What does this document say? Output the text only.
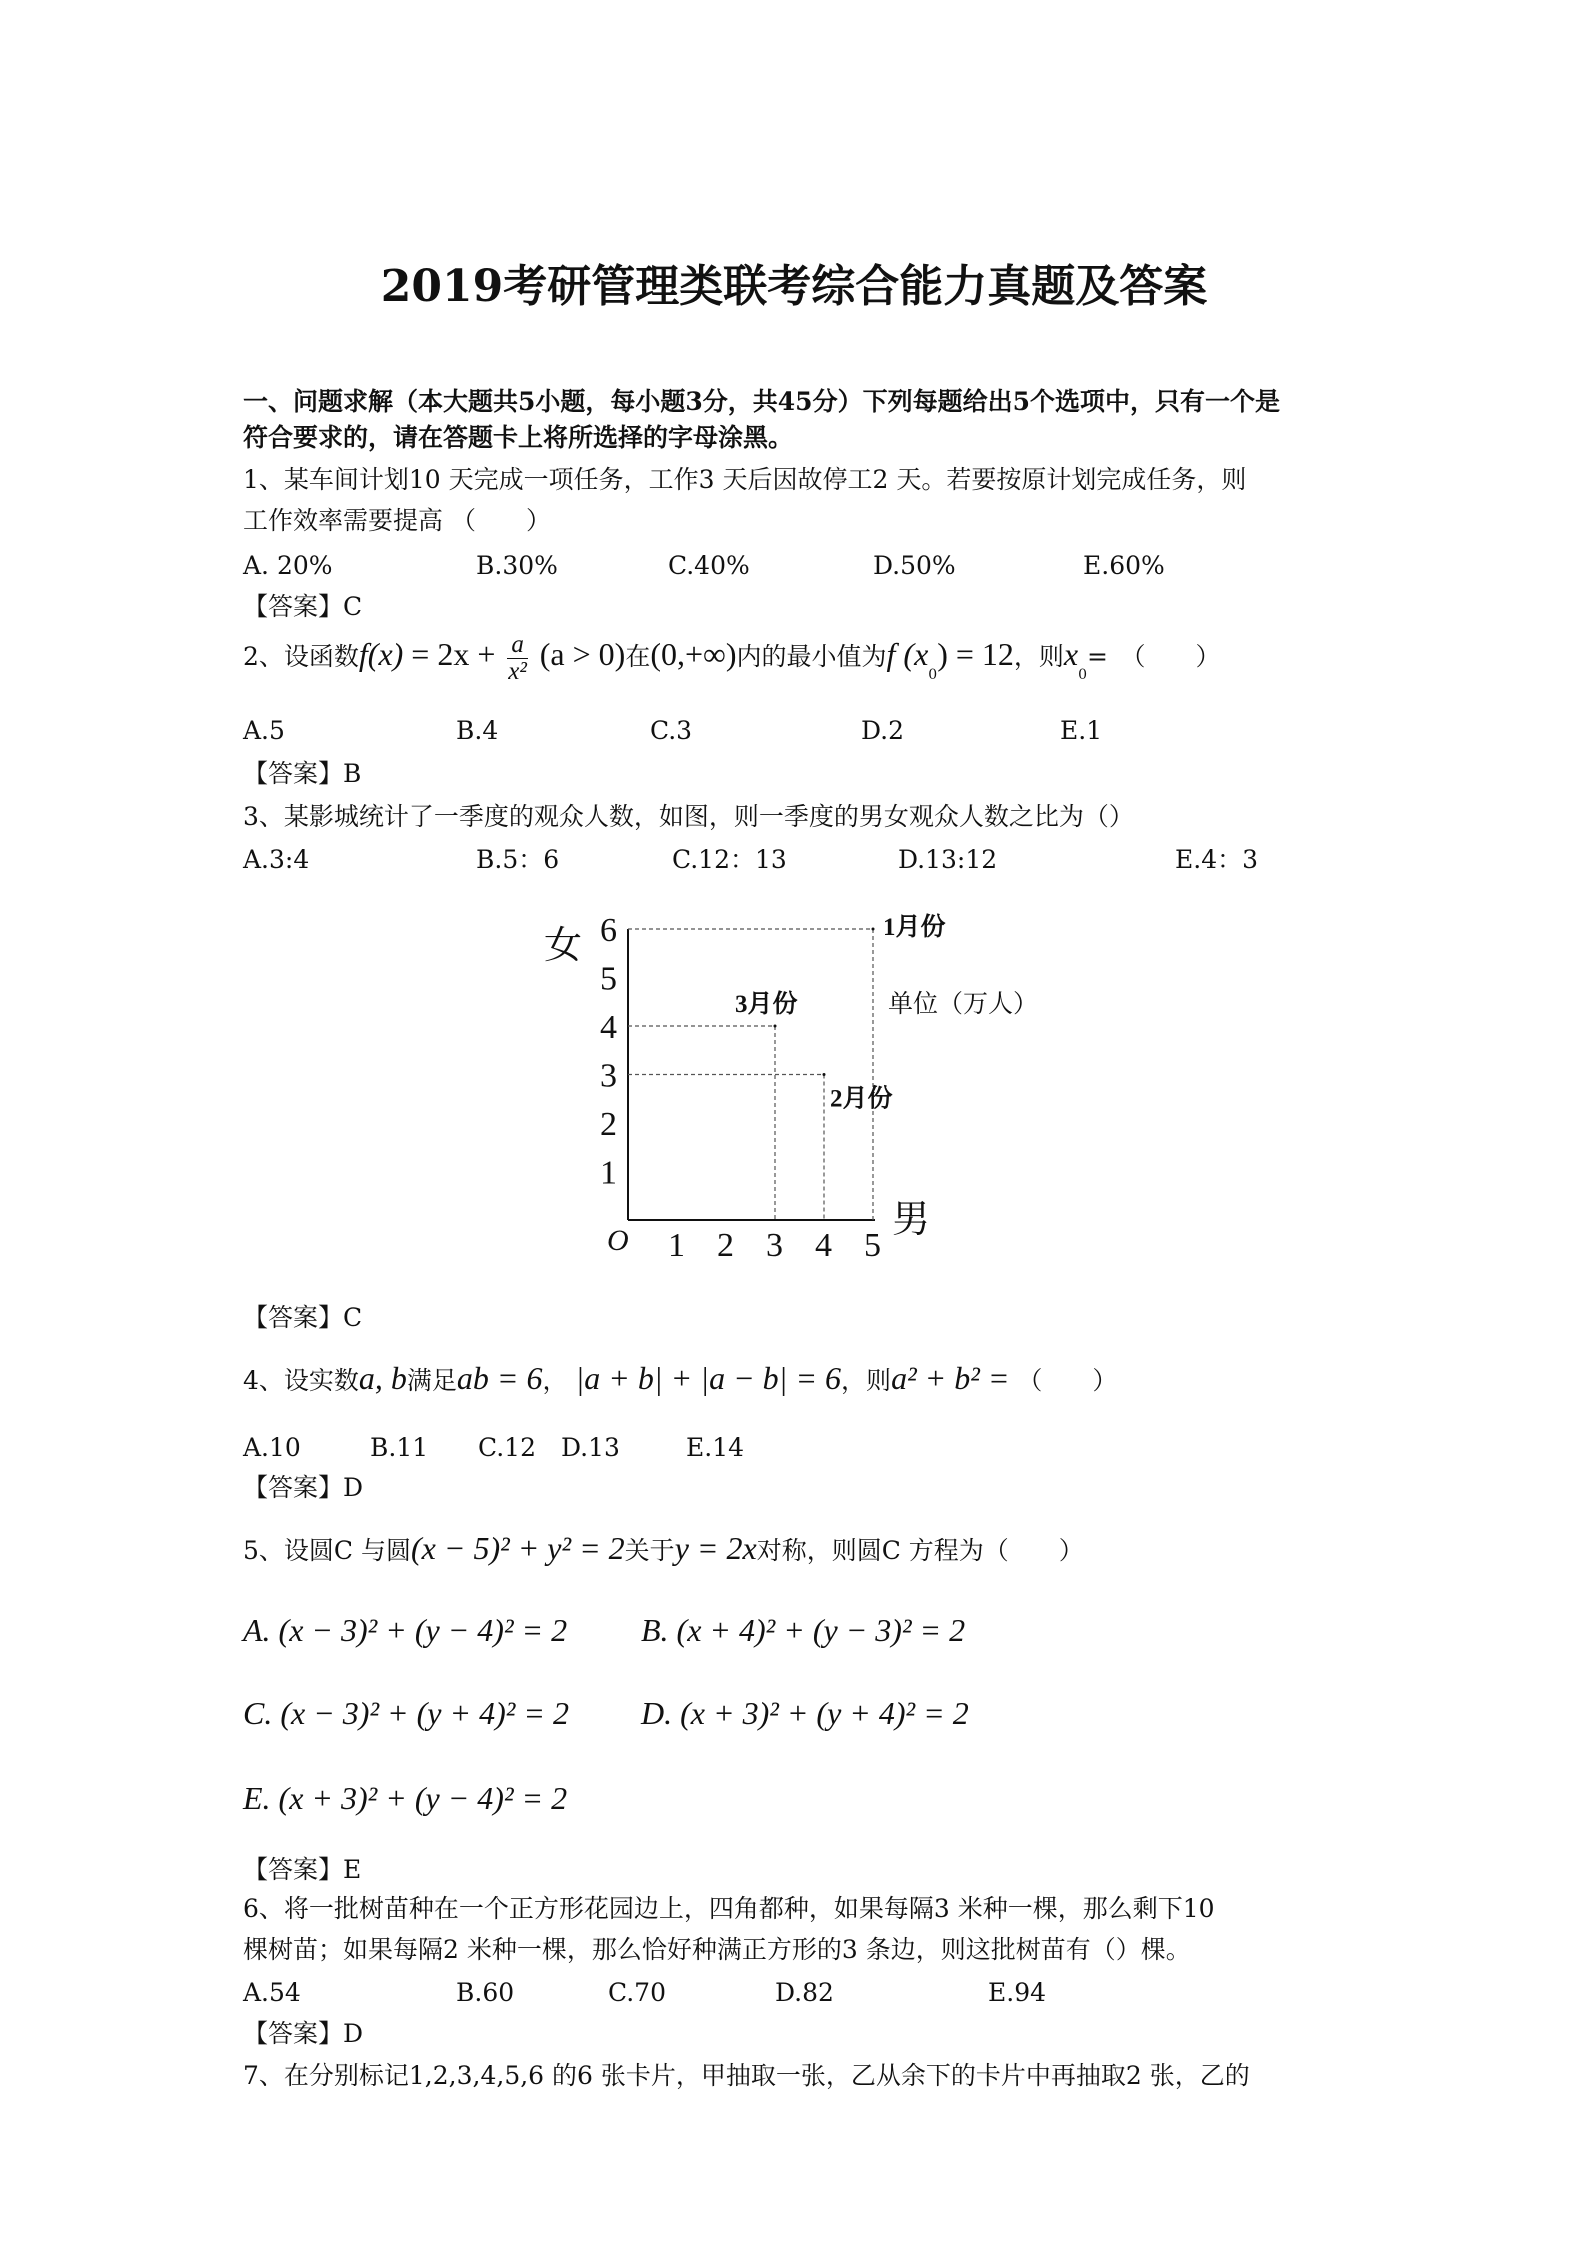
2019考研管理类联考综合能力真题及答案
一、问题求解（本大题共5小题，每小题3分，共45分）下列每题给出5个选项中，只有一个是
符合要求的，请在答题卡上将所选择的字母涂黑。
1、某车间计划10 天完成一项任务，工作3 天后因故停工2 天。若要按原计划完成任务，则
工作效率需要提高 （　　）
A. 20%	B.30%	C.40%	D.50%	E.60%
【答案】C
2、设函数$f(x) = 2x + \frac{a}{\text{x²}} (a > 0)$在(0,+∞)内的最小值为f $(x_0) = 12$，则$x_0=$　（　　）
A.5	B.4	C.3	D.2	E.1
【答案】B
3、某影城统计了一季度的观众人数，如图，则一季度的男女观众人数之比为（）
A.3:4	B.5：6	C.12：13	D.13:12	E.4：3
女
男
O
单位（万人）
1 2 3 4 5
1
2
3
4
5
6	1月份
2月份
3月份
【答案】C
4、设实数a, b满足ab = 6， |a + b| + |a − b| = 6，则a² + b² = （　　）
A.10	B.11 C.12 D.13	E.14
【答案】D
5、设圆C 与圆(x − 5)² + y² = 2关于y = 2x对称，则圆C 方程为（　　）
A. (x − 3)² + (y − 4)² = 2 B. (x + 4)² + (y − 3)² = 2
C. (x − 3)² + (y + 4)² = 2 D. (x + 3)² + (y + 4)² = 2
E. (x + 3)² + (y − 4)² = 2
【答案】E
6、将一批树苗种在一个正方形花园边上，四角都种，如果每隔3 米种一棵，那么剩下10
棵树苗；如果每隔2 米种一棵，那么恰好种满正方形的3 条边，则这批树苗有（）棵。
A.54	B.60	C.70	D.82	E.94
【答案】D
7、在分别标记1,2,3,4,5,6 的6 张卡片，甲抽取一张，乙从余下的卡片中再抽取2 张，乙的
